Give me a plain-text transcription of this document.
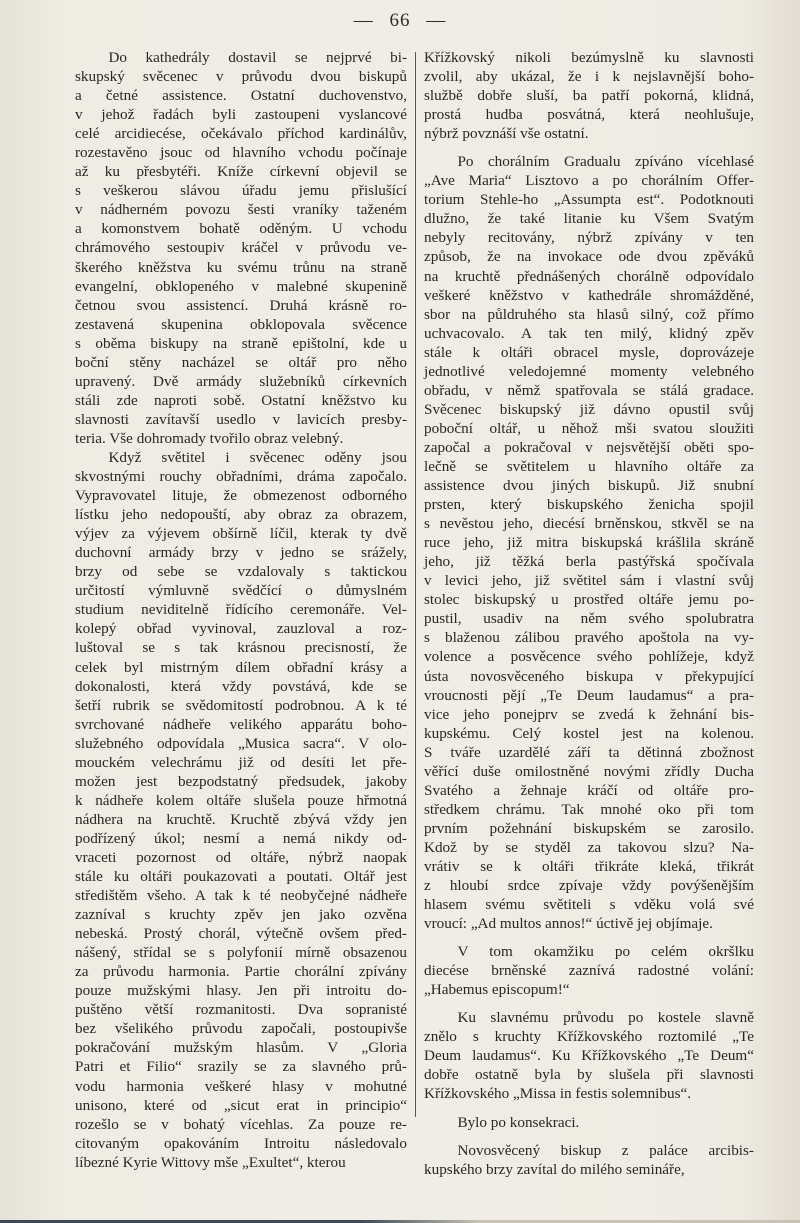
— 66 —
Do kathedrály dostavil se nejprvé bi-
skupský svěcenec v průvodu dvou biskupů
a četné assistence. Ostatní duchovenstvo,
v jehož řadách byli zastoupeni vyslancové
celé arcidiecése, očekávalo příchod kardinálův,
rozestavěno jsouc od hlavního vchodu počínaje
až ku přesbytéři. Kníže církevní objevil se
s veškerou slávou úřadu jemu přislušící
v nádherném povozu šesti vraníky taženém
a komonstvem bohatě oděným. U vchodu
chrámového sestoupiv kráčel v průvodu ve-
škerého kněžstva ku svému trůnu na straně
evangelní, obklopeného v malebné skupenině
četnou svou assistencí. Druhá krásně ro-
zestavená skupenina obklopovala svěcence
s oběma biskupy na straně epištolní, kde u
boční stěny nacházel se oltář pro něho
upravený. Dvě armády služebníků církevních
stáli zde naproti sobě. Ostatní kněžstvo ku
slavnosti zavítavší usedlo v lavicích presby-
teria. Vše dohromady tvořilo obraz velebný.
Když světitel i svěcenec oděny jsou
skvostnými rouchy obřadními, dráma započalo.
Vypravovatel lituje, že obmezenost odborného
lístku jeho nedopouští, aby obraz za obrazem,
výjev za výjevem obšírně líčil, kterak ty dvě
duchovní armády brzy v jedno se srážely,
brzy od sebe se vzdalovaly s taktickou
určitostí výmluvně svědčící o důmyslném
studium neviditelně řídícího ceremonáře. Vel-
kolepý obřad vyvinoval, zauzloval a roz-
luštoval se s tak krásnou precisností, že
celek byl mistrným dílem obřadní krásy a
dokonalosti, která vždy povstává, kde se
šetří rubrik se svědomitostí podrobnou. A k té
svrchované nádheře velikého apparátu boho-
služebného odpovídala „Musica sacra“. V olo-
mouckém velechrámu již od desíti let pře-
možen jest bezpodstatný předsudek, jakoby
k nádheře kolem oltáře slušela pouze hřmotná
nádhera na kruchtě. Kruchtě zbývá vždy jen
podřízený úkol; nesmí a nemá nikdy od-
vraceti pozornost od oltáře, nýbrž naopak
stále ku oltáři poukazovati a poutati. Oltář jest
středištěm všeho. A tak k té neobyčejné nádheře
zazníval s kruchty zpěv jen jako ozvěna
nebeská. Prostý chorál, výtečně ovšem před-
nášený, střídal se s polyfonií mírně obsazenou
za průvodu harmonia. Partie chorální zpívány
pouze mužskými hlasy. Jen při introitu do-
puštěno větší rozmanitosti. Dva sopranisté
bez všelikého průvodu započali, postoupivše
pokračování mužským hlasům. V „Gloria
Patri et Filio“ srazily se za slavného prů-
vodu harmonia veškeré hlasy v mohutné
unisono, které od „sicut erat in principio“
rozešlo se v bohatý vícehlas. Za pouze re-
citovaným opakováním Introitu následovalo
líbezné Kyrie Wittovy mše „Exultet“, kterou
Křížkovský nikoli bezúmyslně ku slavnosti
zvolil, aby ukázal, že i k nejslavnější boho-
službě dobře sluší, ba patří pokorná, klidná,
prostá hudba posvátná, která neohlušuje,
nýbrž povznáší vše ostatní.
Po chorálním Gradualu zpíváno vícehlasé
„Ave Maria“ Lisztovo a po chorálním Offer-
torium Stehle-ho „Assumpta est“. Podotknouti
dlužno, že také litanie ku Všem Svatým
nebyly recitovány, nýbrž zpívány v ten
způsob, že na invokace ode dvou zpěváků
na kruchtě přednášených chorálně odpovídalo
veškeré kněžstvo v kathedrále shromážděné,
sbor na půldruhého sta hlasů silný, což přímo
uchvacovalo. A tak ten milý, klidný zpěv
stále k oltáři obracel mysle, doprovázeje
jednotlivé veledojemné momenty velebného
obřadu, v němž spatřovala se stálá gradace.
Svěcenec biskupský již dávno opustil svůj
poboční oltář, u něhož mši svatou sloužiti
započal a pokračoval v nejsvětější oběti spo-
lečně se světitelem u hlavního oltáře za
assistence dvou jiných biskupů. Již snubní
prsten, který biskupského ženicha spojil
s nevěstou jeho, diecésí brněnskou, stkvěl se na
ruce jeho, již mitra biskupská krášlila skráně
jeho, již těžká berla pastýřská spočívala
v levici jeho, již světitel sám i vlastní svůj
stolec biskupský u prostřed oltáře jemu po-
pustil, usadiv na něm svého spolubratra
s blaženou zálibou pravého apoštola na vy-
volence a posvěcence svého pohlížeje, když
ústa novosvěceného biskupa v překypující
vroucnosti pějí „Te Deum laudamus“ a pra-
vice jeho ponejprv se zvedá k žehnání bis-
kupskému. Celý kostel jest na kolenou.
S tváře uzardělé září ta dětinná zbožnost
věřící duše omilostněné novými zřídly Ducha
Svatého a žehnaje kráčí od oltáře pro-
středkem chrámu. Tak mnohé oko při tom
prvním požehnání biskupském se zarosilo.
Kdož by se styděl za takovou slzu? Na-
vrátiv se k oltáři třikráte kleká, třikrát
z hloubí srdce zpívaje vždy povýšenějším
hlasem svému světiteli s vděku volá své
vroucí: „Ad multos annos!“ úctivě jej objímaje.
V tom okamžiku po celém okršlku
diecése brněnské zaznívá radostné volání:
„Habemus episcopum!“
Ku slavnému průvodu po kostele slavně
znělo s kruchty Křížkovského roztomilé „Te
Deum laudamus“. Ku Křížkovského „Te Deum“
dobře ostatně byla by slušela při slavnosti
Křížkovského „Missa in festis solemnibus“.
Bylo po konsekraci.
Novosvěcený biskup z paláce arcibis-
kupského brzy zavítal do milého semináře,
